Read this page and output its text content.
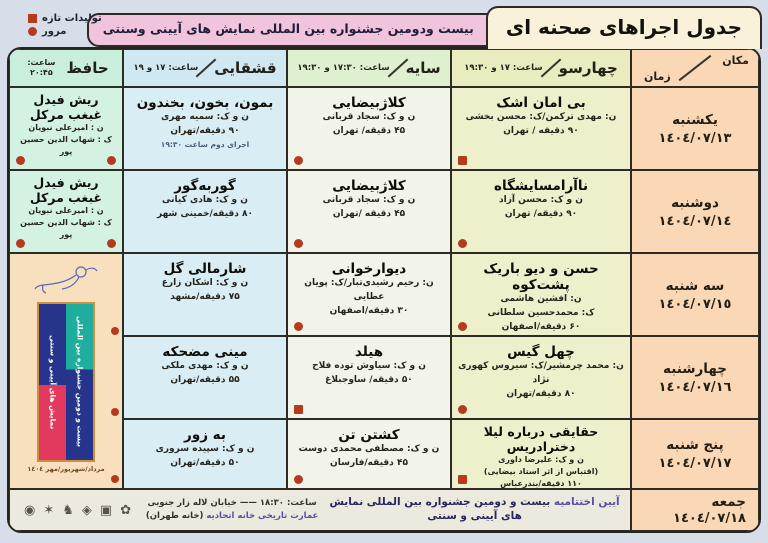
جدول اجراهای صحنه ای
بیست ودومین جشنواره بین المللی نمایش های آیینی وسنتی
تولیدات تازه
مرور
مکان
زمان
چهارسو
ساعت: ۱۷ و ۱۹:۳۰
سایه
ساعت: ۱۷:۳۰ و ۱۹:۳۰
قشقایی
ساعت: ۱۷ و ۱۹
حافظ
ساعت: ۲۰:۴۵
یکشنبه
١٤٠٤/٠٧/١٣
بی امان اشک
ن: مهدی ترکمن/ک: محسن بخشی
۹۰ دقیقه / تهران
کلاژبیضایی
ن و ک: سجاد قربانی
۴۵ دقیقه/ تهران
بمون، بخون، بخندون
ن و ک: سمیه مهری
۹۰ دقیقه/تهران
اجرای دوم ساعت ۱۹:۳۰
ریش فیدل غبغب مرکل
ن : امیرعلی نبویان
ک : شهاب الدین حسین پور
دوشنبه
١٤٠٤/٠٧/١٤
ناآرامسایشگاه
ن و ک: محسن آزاد
۹۰ دقیقه/ تهران
کلاژبیضایی
ن و ک: سجاد قربانی
۴۵ دقیقه /تهران
گوربه‌گور
ن و ک: هادی کیانی
۸۰ دقیقه/خمینی شهر
ریش فیدل غبغب مرکل
ن : امیرعلی نبویان
ک : شهاب الدین حسین پور
سه شنبه
١٤٠٤/٠٧/١٥
حسن و دیو باریک پشت‌کوه
ن: افشین هاشمی
ک: محمدحسین سلطانی
۶۰ دقیقه/اصفهان
دیوارخوانی
ن: رحیم رشیدی‌تبار/ک: پویان عطایی
۳۰ دقیقه/اصفهان
شارمالی گل
ن و ک: اشکان زارع
۷۵ دقیقه/مشهد
بیست و دومین جشنواره بین المللی
نمایش های آیینی و سنتی
مرداد/شهریور/مهر ١٤٠٤
چهارشنبه
١٤٠٤/٠٧/١٦
چهل گیس
ن: محمد چرمشیر/ک: سیروس کهوری نژاد
۸۰ دقیقه/تهران
هیلد
ن و ک: سیاوش توده فلاح
۵۰ دقیقه/ ساوجبلاغ
مینی مضحکه
ن و ک: مهدی ملکی
۵۵ دقیقه/تهران
پنج شنبه
١٤٠٤/٠٧/١٧
حقایقی درباره لیلا دخترادریس
ن و ک: علیرضا داوری
(اقتباس از اثر استاد بیضایی)
۱۱۰ دقیقه/بندرعباس
کشتن تن
ن و ک: مصطفی محمدی دوست
۴۵ دقیقه/فارسان
به زور
ن و ک: سپیده سروری
۵۰ دقیقه/تهران
جمعه
١٤٠٤/٠٧/١٨
آیین اختتامیه بیست و دومین جشنواره بین المللی نمایش های آیینی و سنتی
ساعت: ۱۸:۳۰ —— خیابان لاله زار جنوبی
عمارت تاریخی خانه اتحادیه (خانه طهران)
◉ ✶ ♞ ◈ ▣ ✿
